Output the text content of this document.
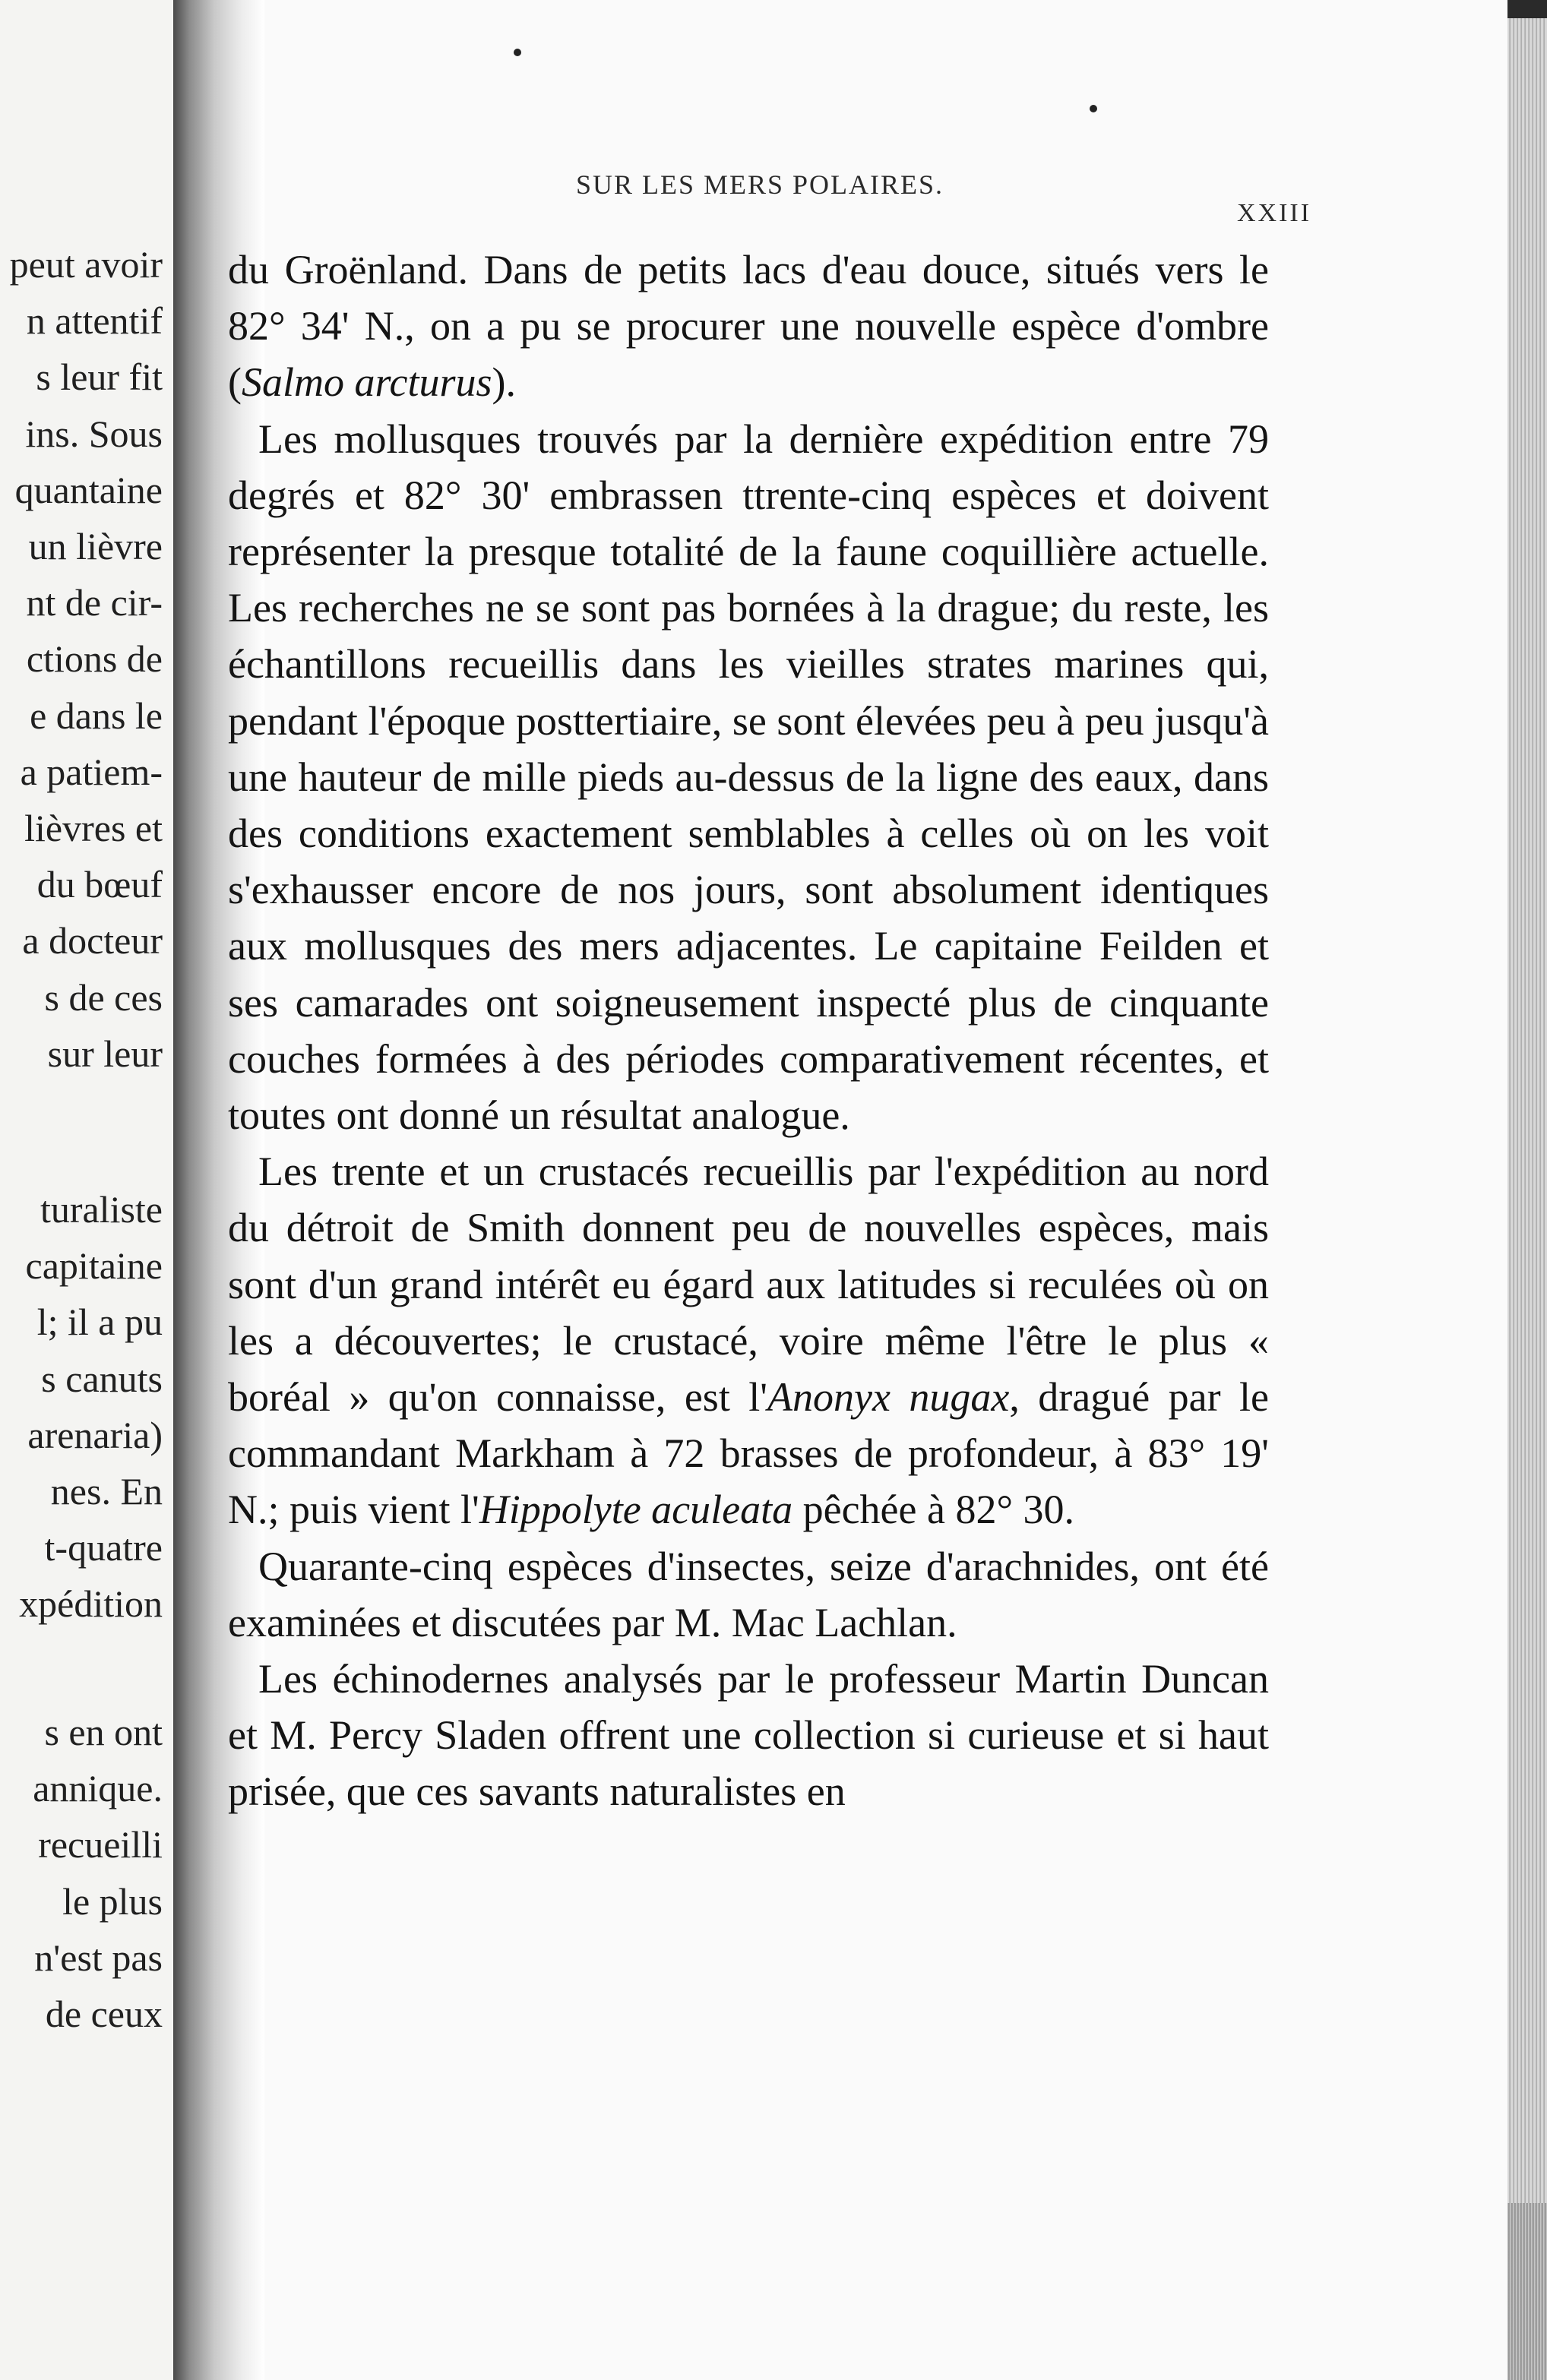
peut avoir
n attentif
s leur fit
ins. Sous
quantaine
un lièvre
nt de cir-
ctions de
e dans le
a patiem-
lièvres et
du bœuf
a docteur
s de ces
sur leur
turaliste
capitaine
l; il a pu
s canuts
arenaria)
nes. En
t-quatre
xpédition
s en ont
annique.
recueilli
le plus
n'est pas
de ceux
SUR LES MERS POLAIRES.
XXIII

du Groënland. Dans de petits lacs d'eau douce, situés vers le 82° 34' N., on a pu se procurer une nouvelle espèce d'ombre (Salmo arcturus).

Les mollusques trouvés par la dernière expédition entre 79 degrés et 82° 30' embrassen ttrente-cinq espèces et doivent représenter la presque totalité de la faune coquillière actuelle. Les recherches ne se sont pas bornées à la drague; du reste, les échantillons recueillis dans les vieilles strates marines qui, pendant l'époque posttertiaire, se sont élevées peu à peu jusqu'à une hauteur de mille pieds au-dessus de la ligne des eaux, dans des conditions exactement semblables à celles où on les voit s'exhausser encore de nos jours, sont absolument identiques aux mollusques des mers adjacentes. Le capitaine Feilden et ses camarades ont soigneusement inspecté plus de cinquante couches formées à des périodes comparativement récentes, et toutes ont donné un résultat analogue.

Les trente et un crustacés recueillis par l'expédition au nord du détroit de Smith donnent peu de nouvelles espèces, mais sont d'un grand intérêt eu égard aux latitudes si reculées où on les a découvertes; le crustacé, voire même l'être le plus « boréal » qu'on connaisse, est l'Anonyx nugax, dragué par le commandant Markham à 72 brasses de profondeur, à 83° 19' N.; puis vient l'Hippolyte aculeata pêchée à 82° 30.

Quarante-cinq espèces d'insectes, seize d'arachnides, ont été examinées et discutées par M. Mac Lachlan.

Les échinodernes analysés par le professeur Martin Duncan et M. Percy Sladen offrent une collection si curieuse et si haut prisée, que ces savants naturalistes en
